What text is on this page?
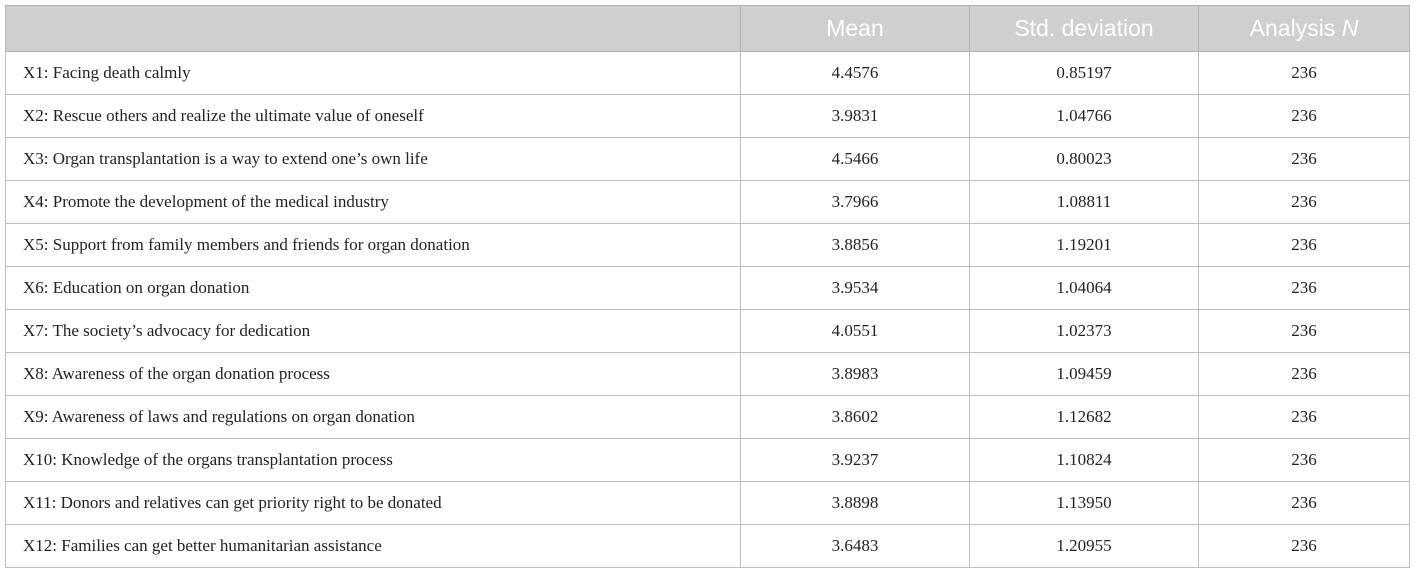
	Mean	Std. deviation	Analysis N
X1: Facing death calmly	4.4576	0.85197	236
X2: Rescue others and realize the ultimate value of oneself	3.9831	1.04766	236
X3: Organ transplantation is a way to extend one’s own life	4.5466	0.80023	236
X4: Promote the development of the medical industry	3.7966	1.08811	236
X5: Support from family members and friends for organ donation	3.8856	1.19201	236
X6: Education on organ donation	3.9534	1.04064	236
X7: The society’s advocacy for dedication	4.0551	1.02373	236
X8: Awareness of the organ donation process	3.8983	1.09459	236
X9: Awareness of laws and regulations on organ donation	3.8602	1.12682	236
X10: Knowledge of the organs transplantation process	3.9237	1.10824	236
X11: Donors and relatives can get priority right to be donated	3.8898	1.13950	236
X12: Families can get better humanitarian assistance	3.6483	1.20955	236
